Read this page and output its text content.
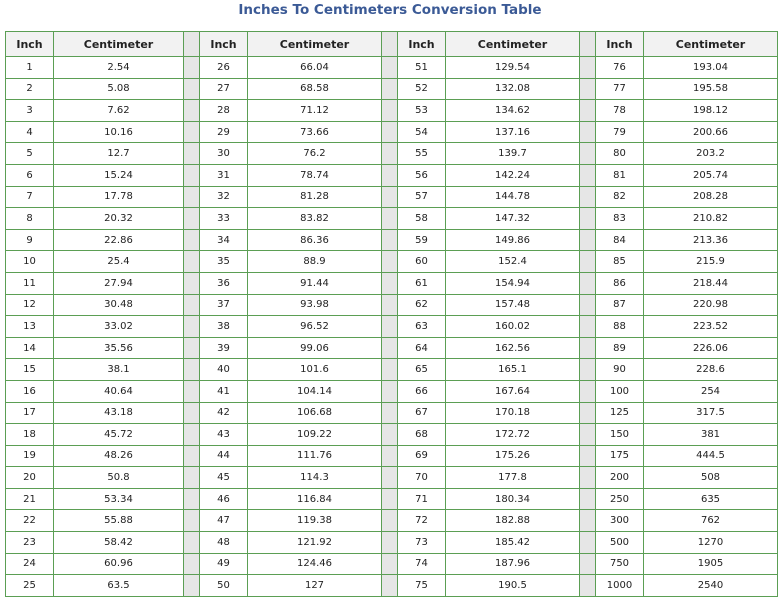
Inches To Centimeters Conversion Table
Inch	Centimeter		Inch	Centimeter		Inch	Centimeter		Inch	Centimeter
1	2.54		26	66.04		51	129.54		76	193.04
2	5.08		27	68.58		52	132.08		77	195.58
3	7.62		28	71.12		53	134.62		78	198.12
4	10.16		29	73.66		54	137.16		79	200.66
5	12.7		30	76.2		55	139.7		80	203.2
6	15.24		31	78.74		56	142.24		81	205.74
7	17.78		32	81.28		57	144.78		82	208.28
8	20.32		33	83.82		58	147.32		83	210.82
9	22.86		34	86.36		59	149.86		84	213.36
10	25.4		35	88.9		60	152.4		85	215.9
11	27.94		36	91.44		61	154.94		86	218.44
12	30.48		37	93.98		62	157.48		87	220.98
13	33.02		38	96.52		63	160.02		88	223.52
14	35.56		39	99.06		64	162.56		89	226.06
15	38.1		40	101.6		65	165.1		90	228.6
16	40.64		41	104.14		66	167.64		100	254
17	43.18		42	106.68		67	170.18		125	317.5
18	45.72		43	109.22		68	172.72		150	381
19	48.26		44	111.76		69	175.26		175	444.5
20	50.8		45	114.3		70	177.8		200	508
21	53.34		46	116.84		71	180.34		250	635
22	55.88		47	119.38		72	182.88		300	762
23	58.42		48	121.92		73	185.42		500	1270
24	60.96		49	124.46		74	187.96		750	1905
25	63.5		50	127		75	190.5		1000	2540
